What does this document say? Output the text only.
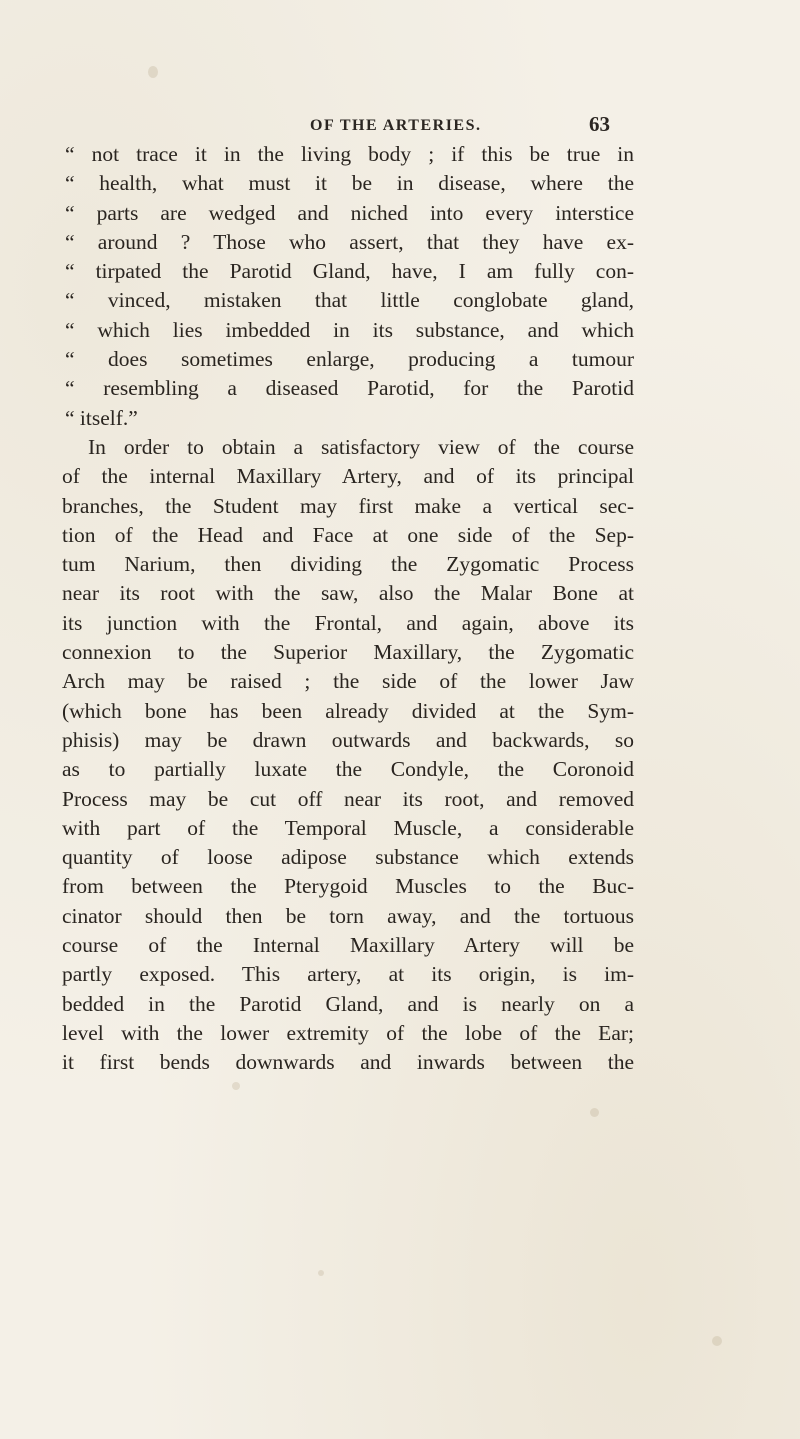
OF THE ARTERIES.	63
“ not trace it in the living body ; if this be true in
“ health, what must it be in disease, where the
“ parts are wedged and niched into every interstice
“ around ? Those who assert, that they have ex-
“ tirpated the Parotid Gland, have, I am fully con-
“ vinced, mistaken that little conglobate gland,
“ which lies imbedded in its substance, and which
“ does sometimes enlarge, producing a tumour
“ resembling a diseased Parotid, for the Parotid
“ itself.”
In order to obtain a satisfactory view of the course
of the internal Maxillary Artery, and of its principal
branches, the Student may first make a vertical sec-
tion of the Head and Face at one side of the Sep-
tum Narium, then dividing the Zygomatic Process
near its root with the saw, also the Malar Bone at
its junction with the Frontal, and again, above its
connexion to the Superior Maxillary, the Zygomatic
Arch may be raised ; the side of the lower Jaw
(which bone has been already divided at the Sym-
phisis) may be drawn outwards and backwards, so
as to partially luxate the Condyle, the Coronoid
Process may be cut off near its root, and removed
with part of the Temporal Muscle, a considerable
quantity of loose adipose substance which extends
from between the Pterygoid Muscles to the Buc-
cinator should then be torn away, and the tortuous
course of the Internal Maxillary Artery will be
partly exposed. This artery, at its origin, is im-
bedded in the Parotid Gland, and is nearly on a
level with the lower extremity of the lobe of the Ear;
it first bends downwards and inwards between the
